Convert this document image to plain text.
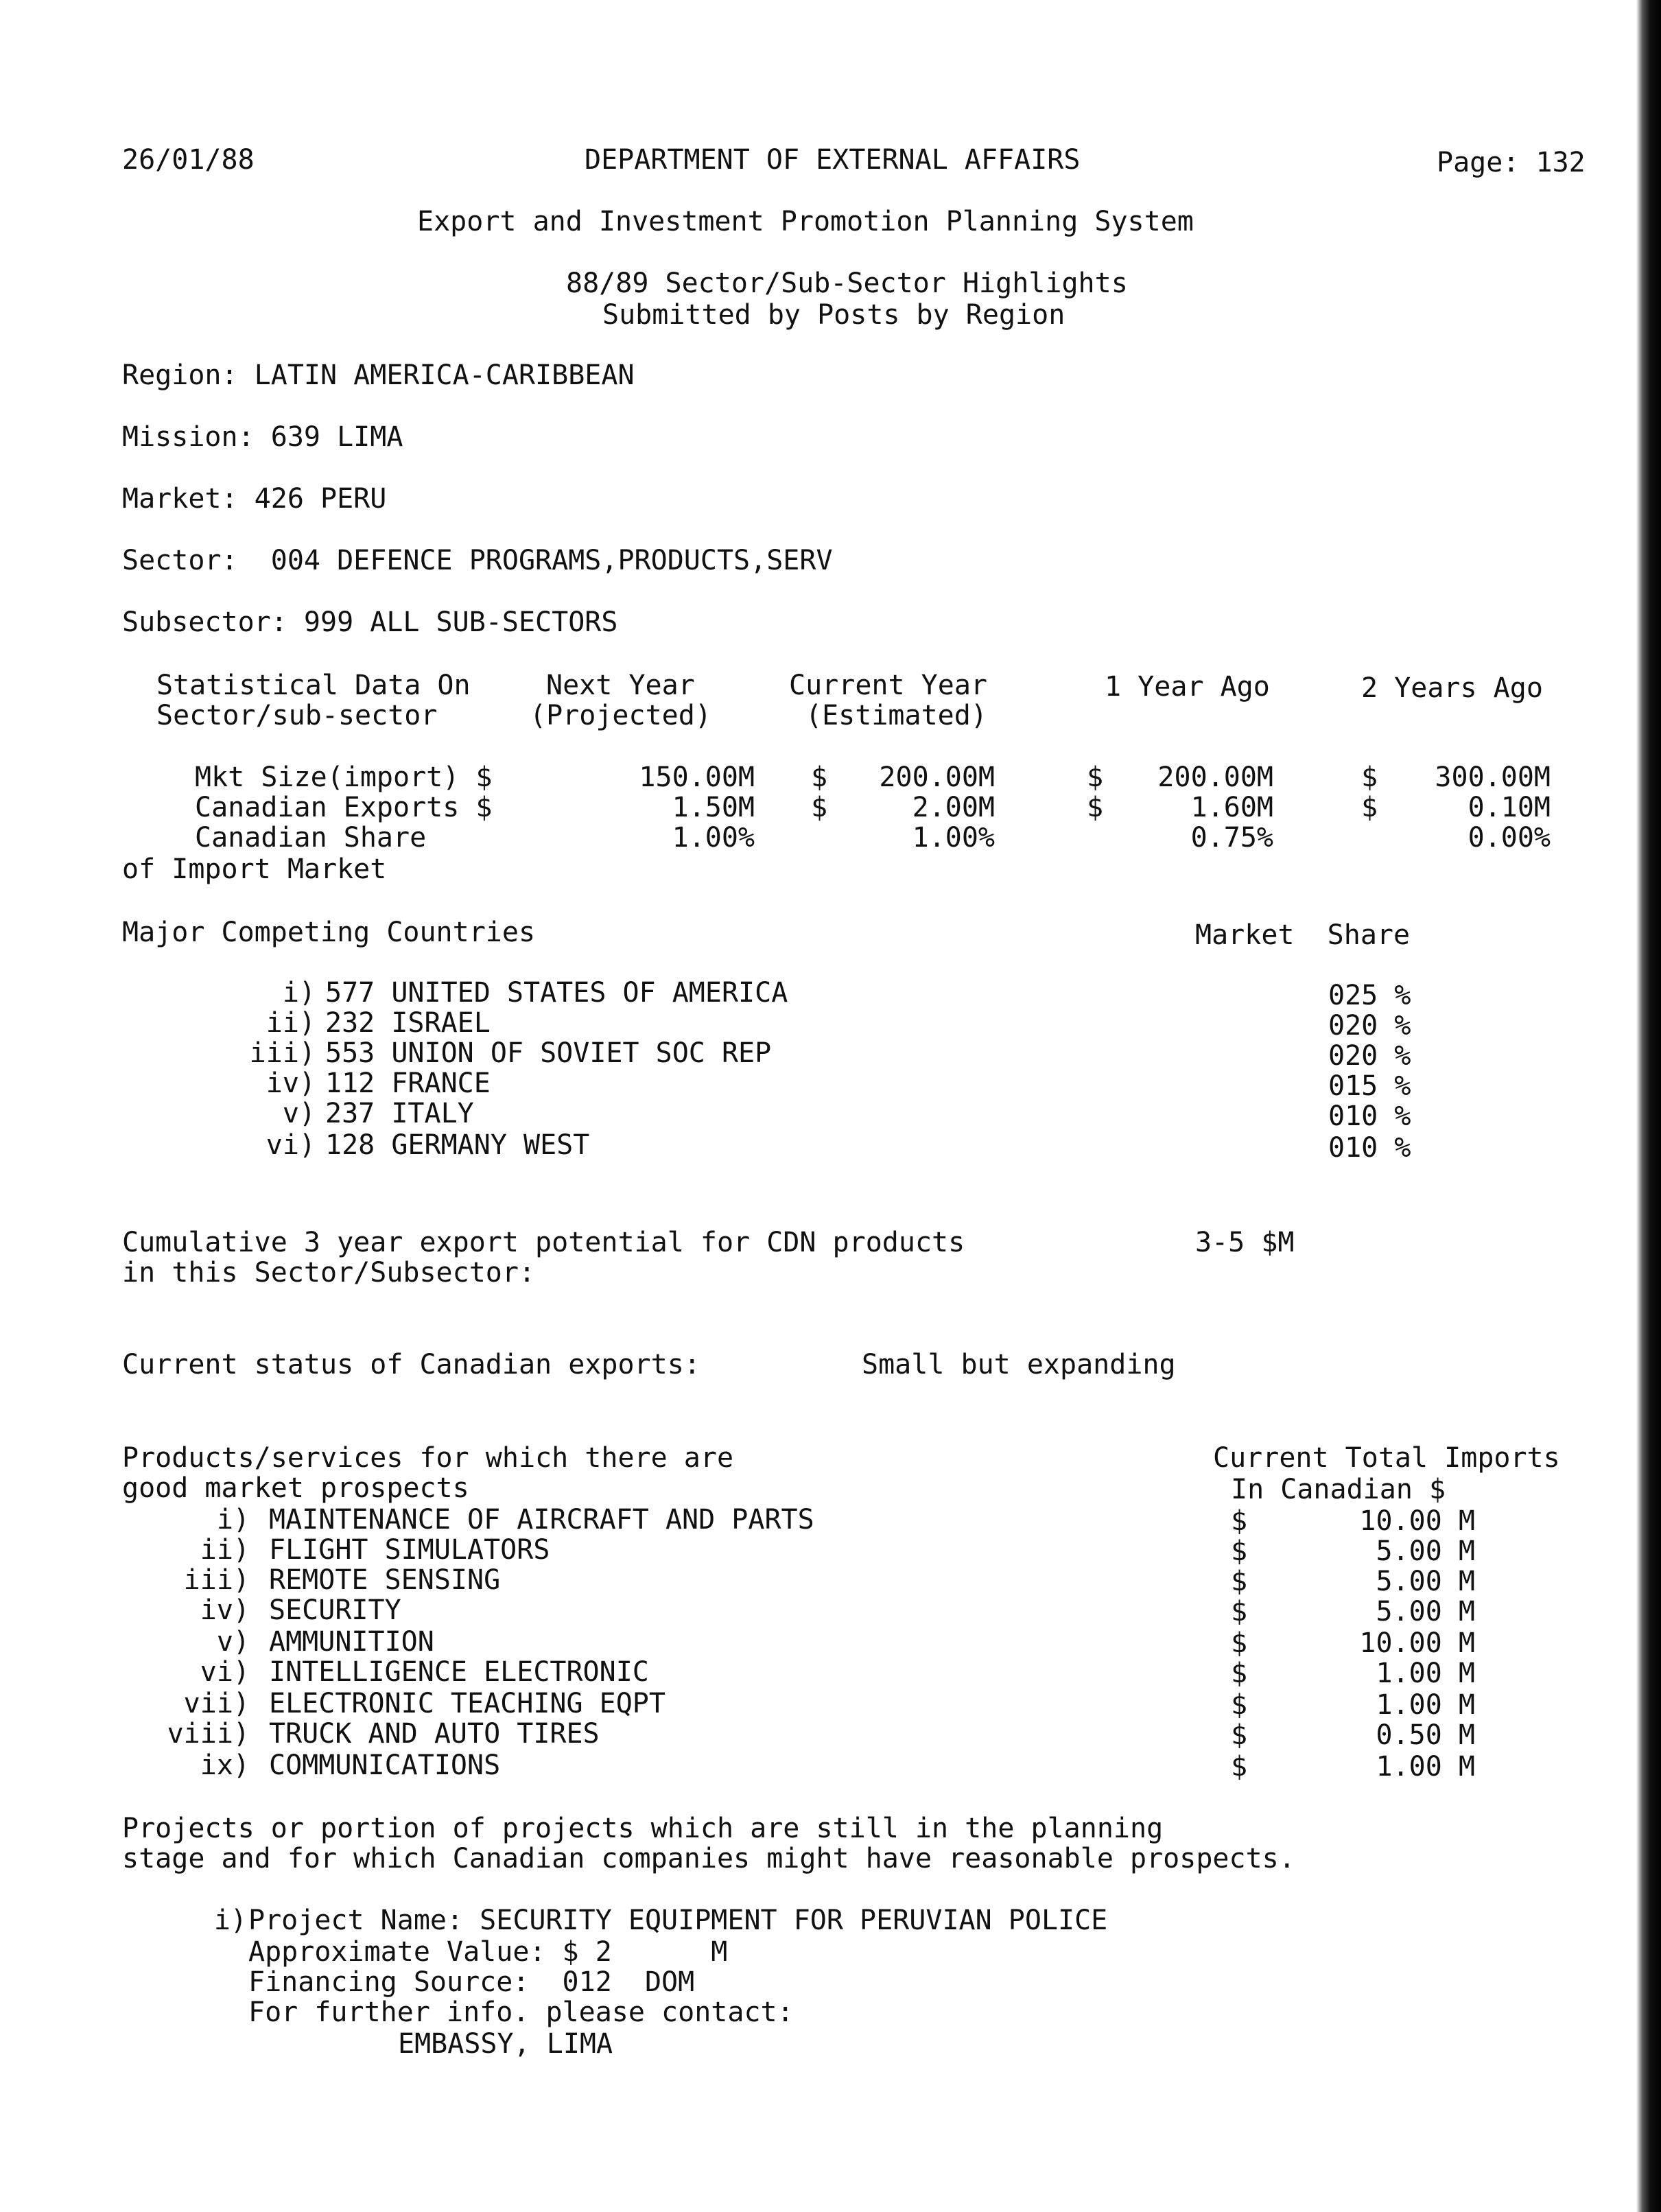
26/01/88	DEPARTMENT OF EXTERNAL AFFAIRS	Page: 132
Export and Investment Promotion Planning System
88/89 Sector/Sub-Sector Highlights
Submitted by Posts by Region
Region: LATIN AMERICA-CARIBBEAN
Mission: 639 LIMA
Market: 426 PERU
Sector:  004 DEFENCE PROGRAMS,PRODUCTS,SERV
Subsector: 999 ALL SUB-SECTORS
Statistical Data On	Next Year	Current Year	1 Year Ago	2 Years Ago
Sector/sub-sector	(Projected)	(Estimated)
Mkt Size(import) $	150.00M $	200.00M	$	200.00M	$	300.00M
Canadian Exports $	1.50M $	2.00M	$	1.60M	$	0.10M
Canadian Share	1.00%	1.00%	0.75%	0.00%
of Import Market
Major Competing Countries	Market  Share
i) 577 UNITED STATES OF AMERICA	025 %
ii) 232 ISRAEL	020 %
iii) 553 UNION OF SOVIET SOC REP	020 %
iv) 112 FRANCE	015 %
v) 237 ITALY	010 %
vi) 128 GERMANY WEST	010 %
Cumulative 3 year export potential for CDN products	3-5 $M
in this Sector/Subsector:
Current status of Canadian exports:	Small but expanding
Products/services for which there are	Current Total Imports
good market prospects	In Canadian $
i) MAINTENANCE OF AIRCRAFT AND PARTS	$	10.00 M
ii) FLIGHT SIMULATORS	$	5.00 M
iii) REMOTE SENSING	$	5.00 M
iv) SECURITY	$	5.00 M
v) AMMUNITION	$	10.00 M
vi) INTELLIGENCE ELECTRONIC	$	1.00 M
vii) ELECTRONIC TEACHING EQPT	$	1.00 M
viii) TRUCK AND AUTO TIRES	$	0.50 M
ix) COMMUNICATIONS	$	1.00 M
Projects or portion of projects which are still in the planning
stage and for which Canadian companies might have reasonable prospects.
i) Project Name: SECURITY EQUIPMENT FOR PERUVIAN POLICE
Approximate Value: $ 2      M
Financing Source:  012  DOM
For further info. please contact:
EMBASSY, LIMA
